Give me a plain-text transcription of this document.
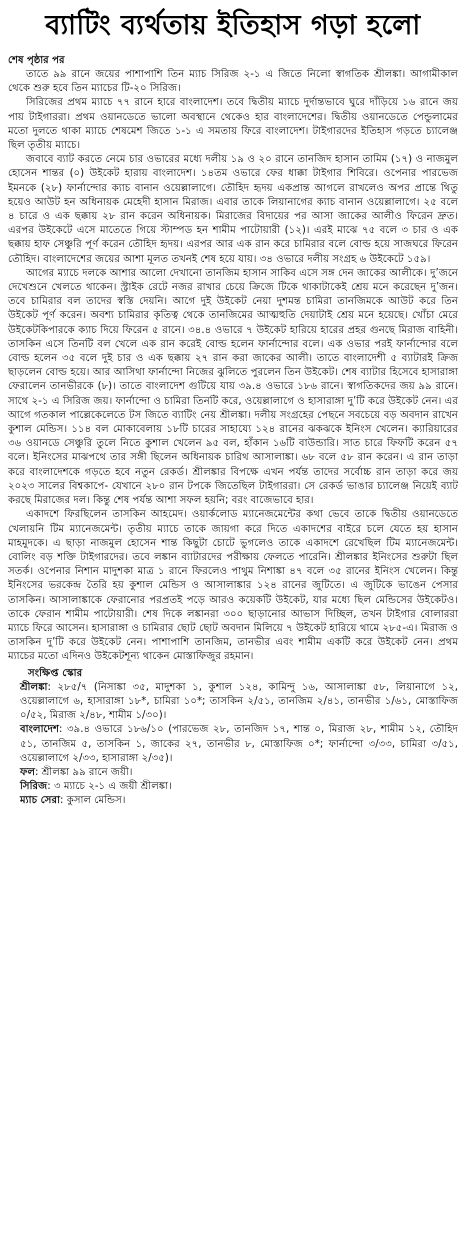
ব্যাটিং ব্যর্থতায় ইতিহাস গড়া হলো
শেষ পৃষ্ঠার পর

তাতে ৯৯ রানে জয়ের পাশাপাশি তিন ম্যাচ সিরিজ ২-১ এ জিতে নিলো স্বাগতিক শ্রীলঙ্কা। আগামীকাল থেকে শুরু হবে তিন ম্যাচের টি-২০ সিরিজ।

সিরিজের প্রথম ম্যাচে ৭৭ রানে হারে বাংলাদেশ। তবে দ্বিতীয় ম্যাচে দুর্দান্তভাবে ঘুরে দাঁড়িয়ে ১৬ রানে জয় পায় টাইগাররা। প্রথম ওয়ানডেতে ভালো অবস্থানে থেকেও হার বাংলাদেশের। দ্বিতীয় ওয়ানডেতে পেন্ডুলামের মতো দুলতে থাকা ম্যাচে শেষমেশ জিতে ১-১ এ সমতায় ফিরে বাংলাদেশ। টাইগারদের ইতিহাস গড়তে চ্যালেঞ্জ ছিল তৃতীয় ম্যাচে।

জবাবে ব্যাট করতে নেমে চার ওভারের মধ্যে দলীয় ১৯ ও ২০ রানে তানজিদ হাসান তামিম (১৭) ও নাজমুল হোসেন শান্তর (০) উইকেট হারায় বাংলাদেশ। ১৪তম ওভারে ফের ধাক্কা টাইগার শিবিরে। ওপেনার পারভেজ ইমনকে (২৮) ফার্নান্দোর ক্যাচ বানান ওয়েল্লালাগে। তৌহিদ হৃদয় একপ্রান্ত আগলে রাখলেও অপর প্রান্তে থিতু হয়েও আউট হন অধিনায়ক মেহেদী হাসান মিরাজ। এবার তাকে লিয়ানাগের ক্যাচ বানান ওয়েল্লালাগে। ২৫ বলে ৪ চারে ও এক ছক্কায় ২৮ রান করেন অধিনায়ক। মিরাজের বিদায়ের পর আসা জাকের আলীও ফিরেন দ্রুত। এরপর উইকেটে এসে মাতেতে গিয়ে স্টাম্পড হন শামীম পাটোয়ারী (১২)। এরই মাঝে ৭৫ বলে ৩ চার ও এক ছক্কায় হাফ সেঞ্চুরি পূর্ণ করেন তৌহিদ হৃদয়। এরপর আর এক রান করে চামিরার বলে বোল্ড হয়ে সাজঘরে ফিরেন তৌহিদ। বাংলাদেশের জয়ের আশা মূলত তখনই শেষ হয়ে যায়। ৩৪ ওভারে দলীয় সংগ্রহ ৬ উইকেটে ১৫৯।

আগের ম্যাচে দলকে আশার আলো দেখানো তানজিম হাসান সাকিব এসে সঙ্গ দেন জাকের আলীকে। দু’জনে দেখেশুনে খেলতে থাকেন। স্ট্রাইক রেটে নজর রাখার চেয়ে ক্রিজে টিকে থাকাটাকেই শ্রেয় মনে করেছেন দু’জন। তবে চামিরার বল তাদের স্বস্তি দেয়নি। আগে দুই উইকেট নেয়া দুশমন্ত চামিরা তানজিমকে আউট করে তিন উইকেট পূর্ণ করেন। অবশ্য চামিরার কৃতিত্ব থেকে তানজিমের আত্মহুতি দেয়াটাই শ্রেয় মনে হয়েছে। খোঁচা মেরে উইকেটকিপারকে ক্যাচ দিয়ে ফিরেন ৫ রানে। ৩৪.৪ ওভারে ৭ উইকেট হারিয়ে হারের প্রহর গুনছে মিরাজ বাহিনী। তাসকিন এসে তিনটি বল খেলে এক রান করেই বোল্ড হলেন ফার্নান্দোর বলে। এক ওভার পরই ফার্নান্দোর বলে বোল্ড হলেন ৩৫ বলে দুই চার ও এক ছক্কায় ২৭ রান করা জাকের আলী। তাতে বাংলাদেশী ৫ ব্যাটারই ক্রিজ ছাড়লেন বোল্ড হয়ে। আর আসিথা ফার্নান্দো নিজের ঝুলিতে পুরলেন তিন উইকেট। শেষ ব্যাটার হিসেবে হাসারাঙ্গা ফেরালেন তানভীরকে (৮)। তাতে বাংলাদেশ গুটিয়ে যায় ৩৯.৪ ওভারে ১৮৬ রানে। স্বাগতিকদের জয় ৯৯ রানে। সাথে ২-১ এ সিরিজ জয়। ফার্নান্দো ও চামিরা তিনটি করে, ওয়েল্লালাগে ও হাসারাঙ্গা দু’টি করে উইকেট নেন। এর আগে গতকাল পাল্লেকেলেতে টস জিতে ব্যাটিং নেয় শ্রীলঙ্কা। দলীয় সংগ্রহের পেছনে সবচেয়ে বড় অবদান রাখেন কুশাল মেন্ডিস। ১১৪ বল মোকাবেলায় ১৮টি চারের সাহায্যে ১২৪ রানের ঝকঝকে ইনিংস খেলেন। ক্যারিয়ারের ৩৬ ওয়ানডে সেঞ্চুরি তুলে নিতে কুশাল খেলেন ৯৫ বল, হাঁকান ১৬টি বাউন্ডারি। সাত চারে ফিফটি করেন ৫৭ বলে। ইনিংসের মাঝপথে তার সঙ্গী ছিলেন অধিনায়ক চারিথ আসালাঙ্কা। ৬৮ বলে ৫৮ রান করেন। এ রান তাড়া করে বাংলাদেশকে গড়তে হবে নতুন রেকর্ড। শ্রীলঙ্কার বিপক্ষে এখন পর্যন্ত তাদের সর্বোচ্চ রান তাড়া করে জয় ২০২৩ সালের বিশ্বকাপে- যেখানে ২৮০ রান টপকে জিতেছিল টাইগাররা। সে রেকর্ড ভাঙার চ্যালেঞ্জ নিয়েই ব্যাট করছে মিরাজের দল। কিন্তু শেষ পর্যন্ত আশা সফল হয়নি; বরং বাজেভাবে হার।

একাদশে ফিরছিলেন তাসকিন আহমেদ। ওয়ার্কলোড ম্যানেজমেন্টের কথা ভেবে তাকে দ্বিতীয় ওয়ানডেতে খেলায়নি টিম ম্যানেজমেন্ট। তৃতীয় ম্যাচে তাকে জায়গা করে দিতে একাদশের বাইরে চলে যেতে হয় হাসান মাহমুদকে। এ ছাড়া নাজমুল হোসেন শান্ত কিছুটা চোটে ভুগলেও তাকে একাদশে রেখেছিল টিম ম্যানেজমেন্ট। বোলিং বড় শক্তি টাইগারদের। তবে লঙ্কান ব্যাটারদের পরীক্ষায় ফেলতে পারেনি। শ্রীলঙ্কার ইনিংসের শুরুটা ছিল সতর্ক। ওপেনার নিশান মাদুশকা মাত্র ১ রানে ফিরলেও পাথুম নিশাঙ্কা ৪৭ বলে ৩৫ রানের ইনিংস খেলেন। কিন্তু ইনিংসের ভরকেন্দ্র তৈরি হয় কুশাল মেন্ডিস ও আসালাঙ্কার ১২৪ রানের জুটিতে। এ জুটিকে ভাঙেন পেসার তাসকিন। আসালাঙ্কাকে ফেরানোর পরপ্রতই পড়ে আরও কয়েকটি উইকেট, যার মধ্যে ছিল মেন্ডিসের উইকেটও। তাকে ফেরান শামীম পাটোয়ারী। শেষ দিকে লঙ্কানরা ৩০০ ছাড়ানোর আভাস দিচ্ছিল, তখন টাইগার বোলাররা ম্যাচে ফিরে আসেন। হাসারাঙ্গা ও চামিরার ছোট ছোট অবদান মিলিয়ে ৭ উইকেট হারিয়ে থামে ২৮৫-এ। মিরাজ ও তাসকিন দু’টি করে উইকেট নেন। পাশাপাশি তানজিম, তানভীর এবং শামীম একটি করে উইকেট নেন। প্রথম ম্যাচের মতো এদিনও উইকেটশূন্য থাকেন মোস্তাফিজুর রহমান।

সংক্ষিপ্ত স্কোর

শ্রীলঙ্কা: ২৮৫/৭ (নিসাঙ্কা ৩৫, মাদুশকা ১, কুশাল ১২৪, কামিন্দু ১৬, আসালাঙ্কা ৫৮, লিয়ানাগে ১২, ওয়েল্লালাগে ৬, হাসারাঙ্গা ১৮*, চামিরা ১০*; তাসকিন ২/৫১, তানজিম ২/৪১, তানভীর ১/৬১, মোস্তাফিজ ০/৫২, মিরাজ ২/৪৮, শামীম ১/৩০)।

বাংলাদেশ: ৩৯.৪ ওভারে ১৮৬/১০ (পারভেজ ২৮, তানজিদ ১৭, শান্ত ০, মিরাজ ২৮, শামীম ১২, তৌহিদ ৫১, তানজিম ৫, তাসকিন ১, জাকের ২৭, তানভীর ৮, মোস্তাফিজ ০*; ফার্নান্দো ৩/৩৩, চামিরা ৩/৫১, ওয়েল্লালাগে ২/৩৩, হাসারাঙ্গা ২/৩৫)।

ফল: শ্রীলঙ্কা ৯৯ রানে জয়ী।

সিরিজ: ৩ ম্যাচে ২-১ এ জয়ী শ্রীলঙ্কা।

ম্যাচ সেরা: কুসাল মেন্ডিস।
